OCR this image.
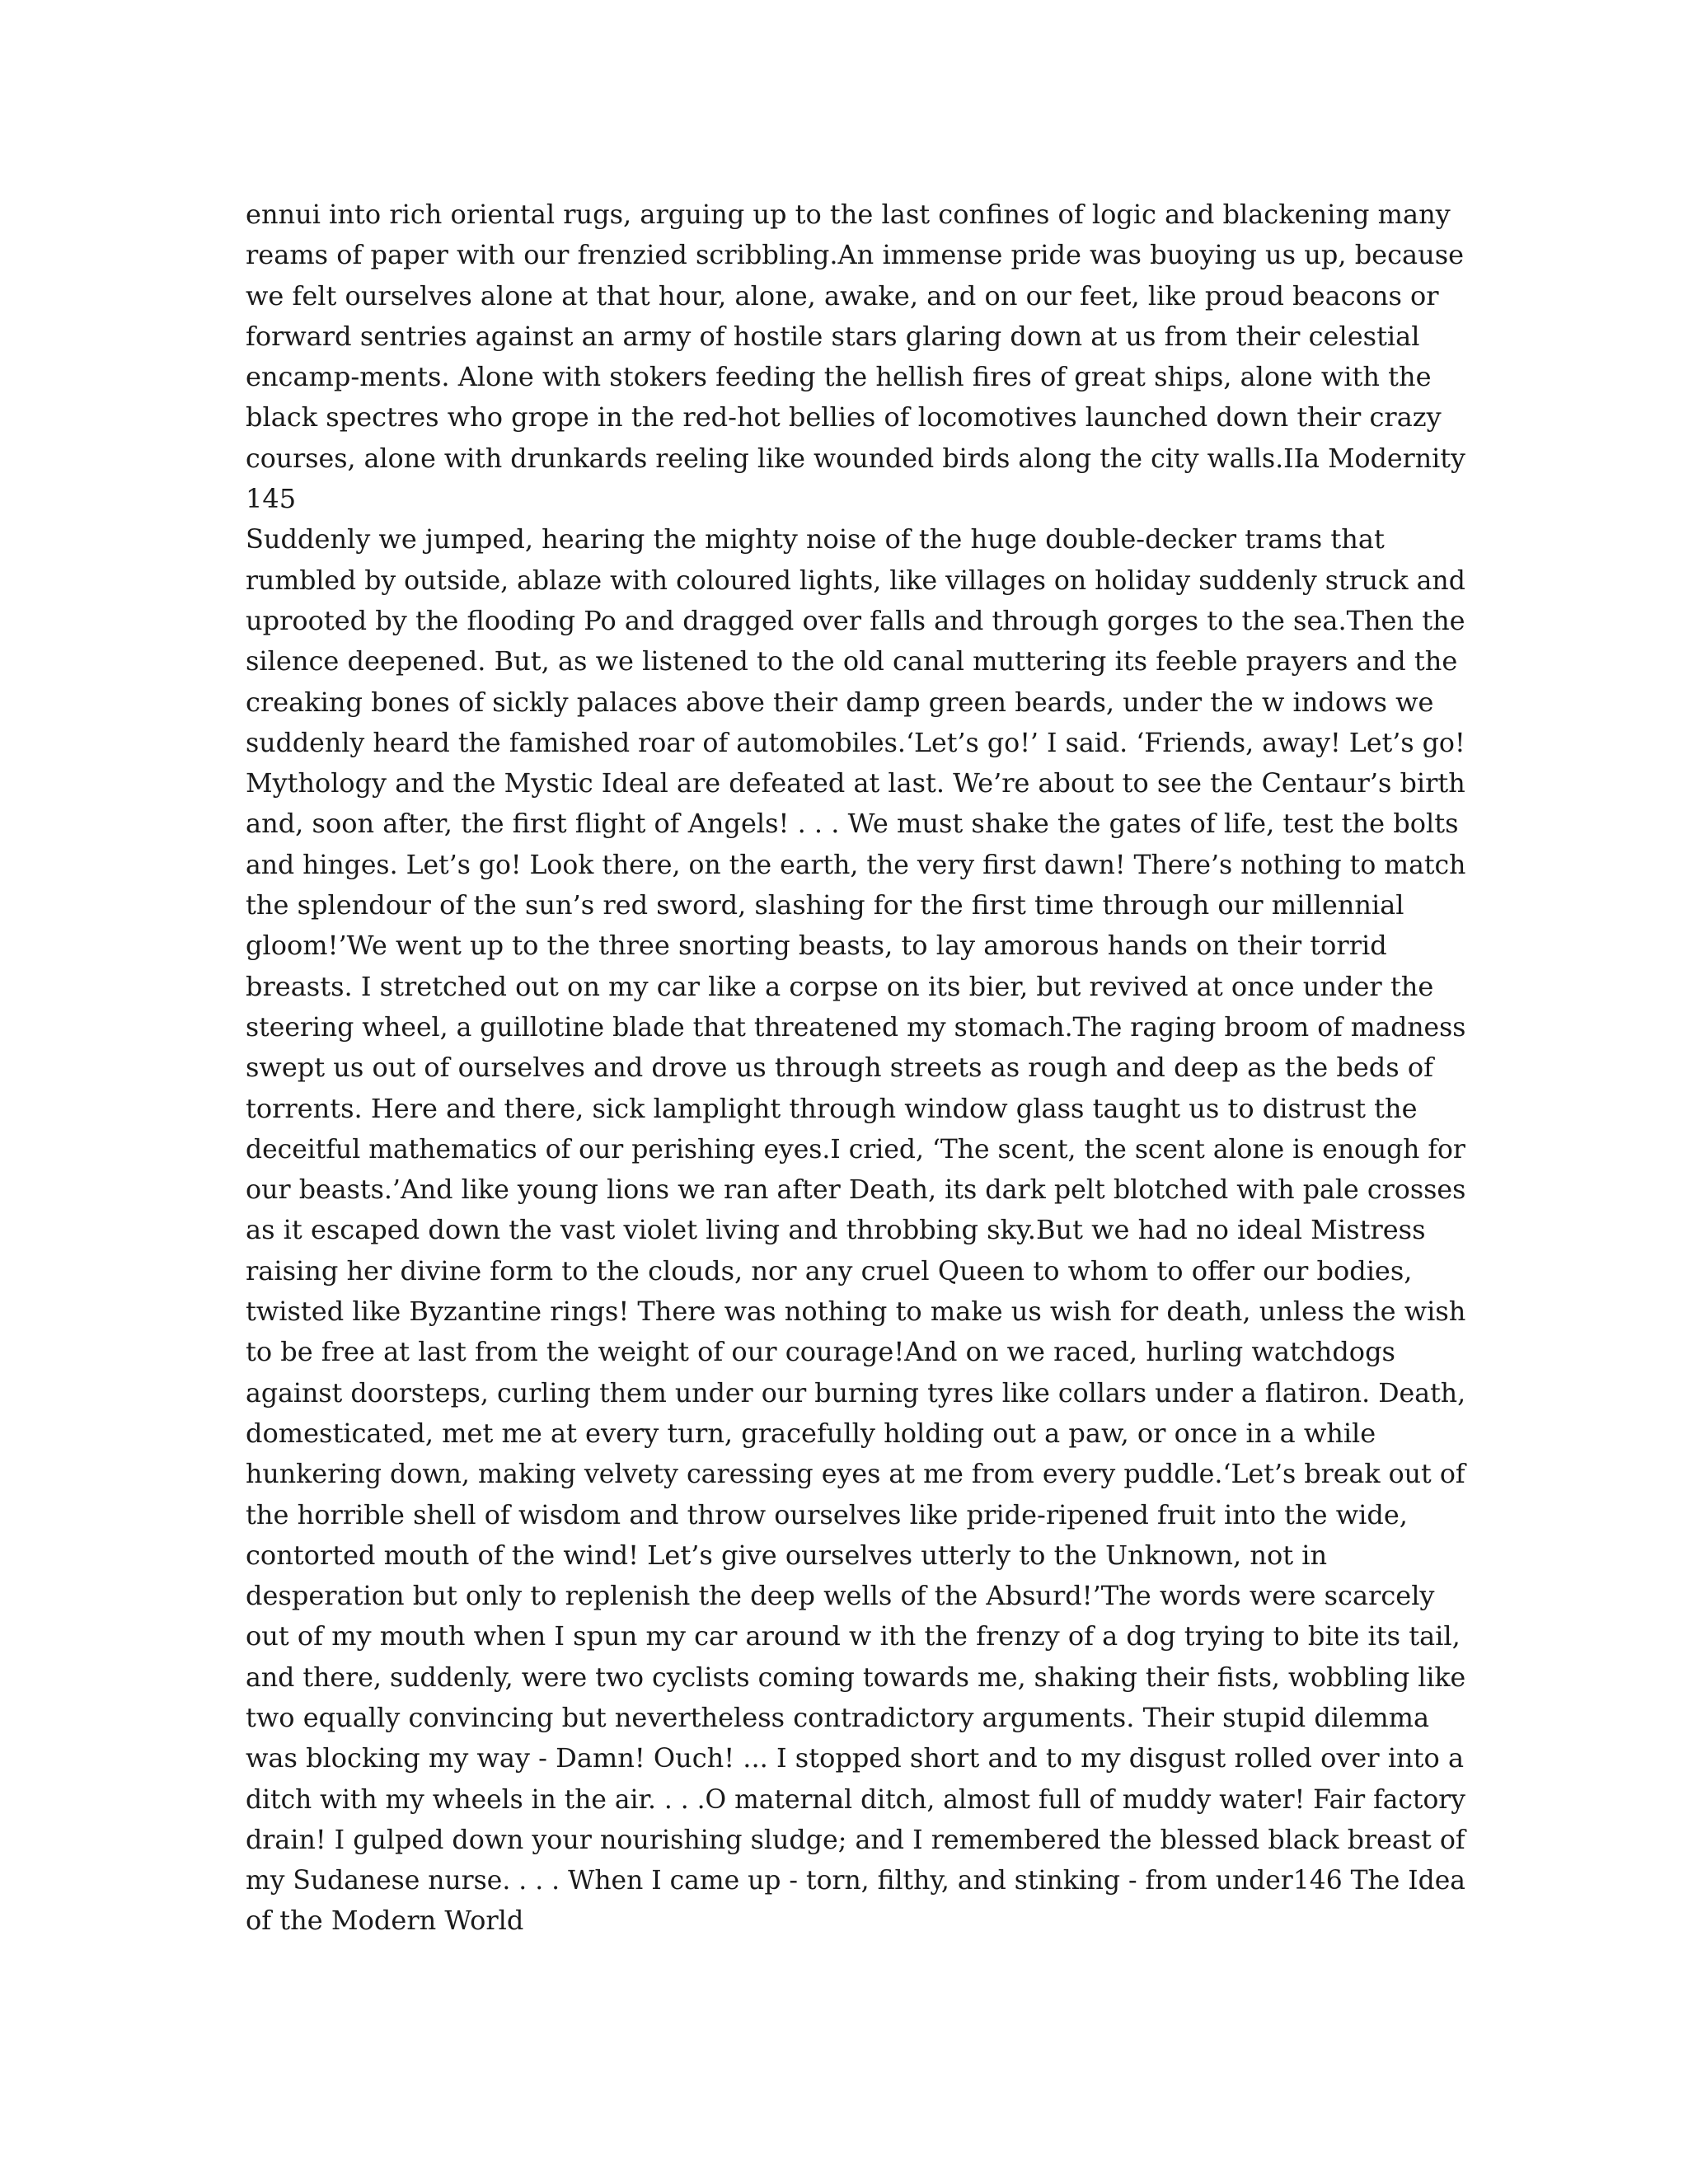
ennui into rich oriental rugs, arguing up to the last confines of logic and blackening many
reams of paper with our frenzied scribbling.An immense pride was buoying us up, because
we felt ourselves alone at that hour, alone, awake, and on our feet, like proud beacons or
forward sentries against an army of hostile stars glaring down at us from their celestial
encamp-ments. Alone with stokers feeding the hellish fires of great ships, alone with the
black spectres who grope in the red-hot bellies of locomotives launched down their crazy
courses, alone with drunkards reeling like wounded birds along the city walls.IIa Modernity
145
Suddenly we jumped, hearing the mighty noise of the huge double-decker trams that
rumbled by outside, ablaze with coloured lights, like villages on holiday suddenly struck and
uprooted by the flooding Po and dragged over falls and through gorges to the sea.Then the
silence deepened. But, as we listened to the old canal muttering its feeble prayers and the
creaking bones of sickly palaces above their damp green beards, under the w indows we
suddenly heard the famished roar of automobiles.‘Let’s go!’ I said. ‘Friends, away! Let’s go!
Mythology and the Mystic Ideal are defeated at last. We’re about to see the Centaur’s birth
and, soon after, the first flight of Angels! . . . We must shake the gates of life, test the bolts
and hinges. Let’s go! Look there, on the earth, the very first dawn! There’s nothing to match
the splendour of the sun’s red sword, slashing for the first time through our millennial
gloom!’We went up to the three snorting beasts, to lay amorous hands on their torrid
breasts. I stretched out on my car like a corpse on its bier, but revived at once under the
steering wheel, a guillotine blade that threatened my stomach.The raging broom of madness
swept us out of ourselves and drove us through streets as rough and deep as the beds of
torrents. Here and there, sick lamplight through window glass taught us to distrust the
deceitful mathematics of our perishing eyes.I cried, ‘The scent, the scent alone is enough for
our beasts.’And like young lions we ran after Death, its dark pelt blotched with pale crosses
as it escaped down the vast violet living and throbbing sky.But we had no ideal Mistress
raising her divine form to the clouds, nor any cruel Queen to whom to offer our bodies,
twisted like Byzantine rings! There was nothing to make us wish for death, unless the wish
to be free at last from the weight of our courage!And on we raced, hurling watchdogs
against doorsteps, curling them under our burning tyres like collars under a flatiron. Death,
domesticated, met me at every turn, gracefully holding out a paw, or once in a while
hunkering down, making velvety caressing eyes at me from every puddle.‘Let’s break out of
the horrible shell of wisdom and throw ourselves like pride-ripened fruit into the wide,
contorted mouth of the wind! Let’s give ourselves utterly to the Unknown, not in
desperation but only to replenish the deep wells of the Absurd!’The words were scarcely
out of my mouth when I spun my car around w ith the frenzy of a dog trying to bite its tail,
and there, suddenly, were two cyclists coming towards me, shaking their fists, wobbling like
two equally convincing but nevertheless contradictory arguments. Their stupid dilemma
was blocking my way - Damn! Ouch! ... I stopped short and to my disgust rolled over into a
ditch with my wheels in the air. . . .O maternal ditch, almost full of muddy water! Fair factory
drain! I gulped down your nourishing sludge; and I remembered the blessed black breast of
my Sudanese nurse. . . . When I came up - torn, filthy, and stinking - from under146 The Idea
of the Modern World
